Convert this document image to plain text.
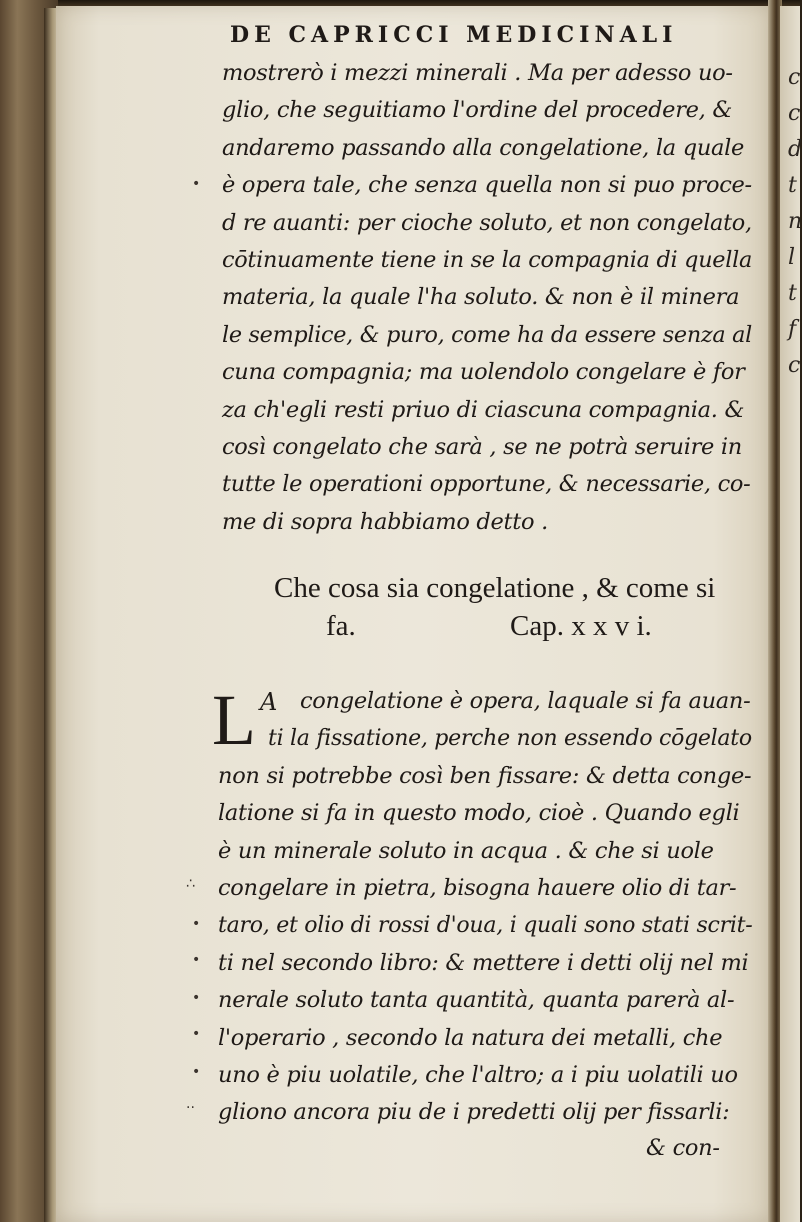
c
c
d
t
n
l
t
f
c
DE CAPRICCI MEDICINALI
mostrerò i mezzi minerali . Ma per adesso uo-
glio, che seguitiamo l'ordine del procedere, &
andaremo passando alla congelatione, la quale
è opera tale, che senza quella non si puo proce-
d re auanti: per cioche soluto, et non congelato,
cōtinuamente tiene in se la compagnia di quella
materia, la quale l'ha soluto. & non è il minera
le semplice, & puro, come ha da essere senza al
cuna compagnia; ma uolendolo congelare è for
za ch'egli resti priuo di ciascuna compagnia. &
così congelato che sarà , se ne potrà seruire in
tutte le operationi opportune, & necessarie, co-
me di sopra habbiamo detto .
Che cosa sia congelatione , & come si
fa.	Cap. x x v i.
L A congelatione è opera, laquale si fa auan-
ti la fissatione, perche non essendo cōgelato
non si potrebbe così ben fissare: & detta conge-
latione si fa in questo modo, cioè . Quando egli
è un minerale soluto in acqua . & che si uole
congelare in pietra, bisogna hauere olio di tar-
taro, et olio di rossi d'oua, i quali sono stati scrit-
ti nel secondo libro: & mettere i detti olij nel mi
nerale soluto tanta quantità, quanta parerà al-
l'operario , secondo la natura dei metalli, che
uno è piu uolatile, che l'altro; a i piu uolatili uo
gliono ancora piu de i predetti olij per fissarli:
& con-
•
∴
•
•
•
•
•
··
